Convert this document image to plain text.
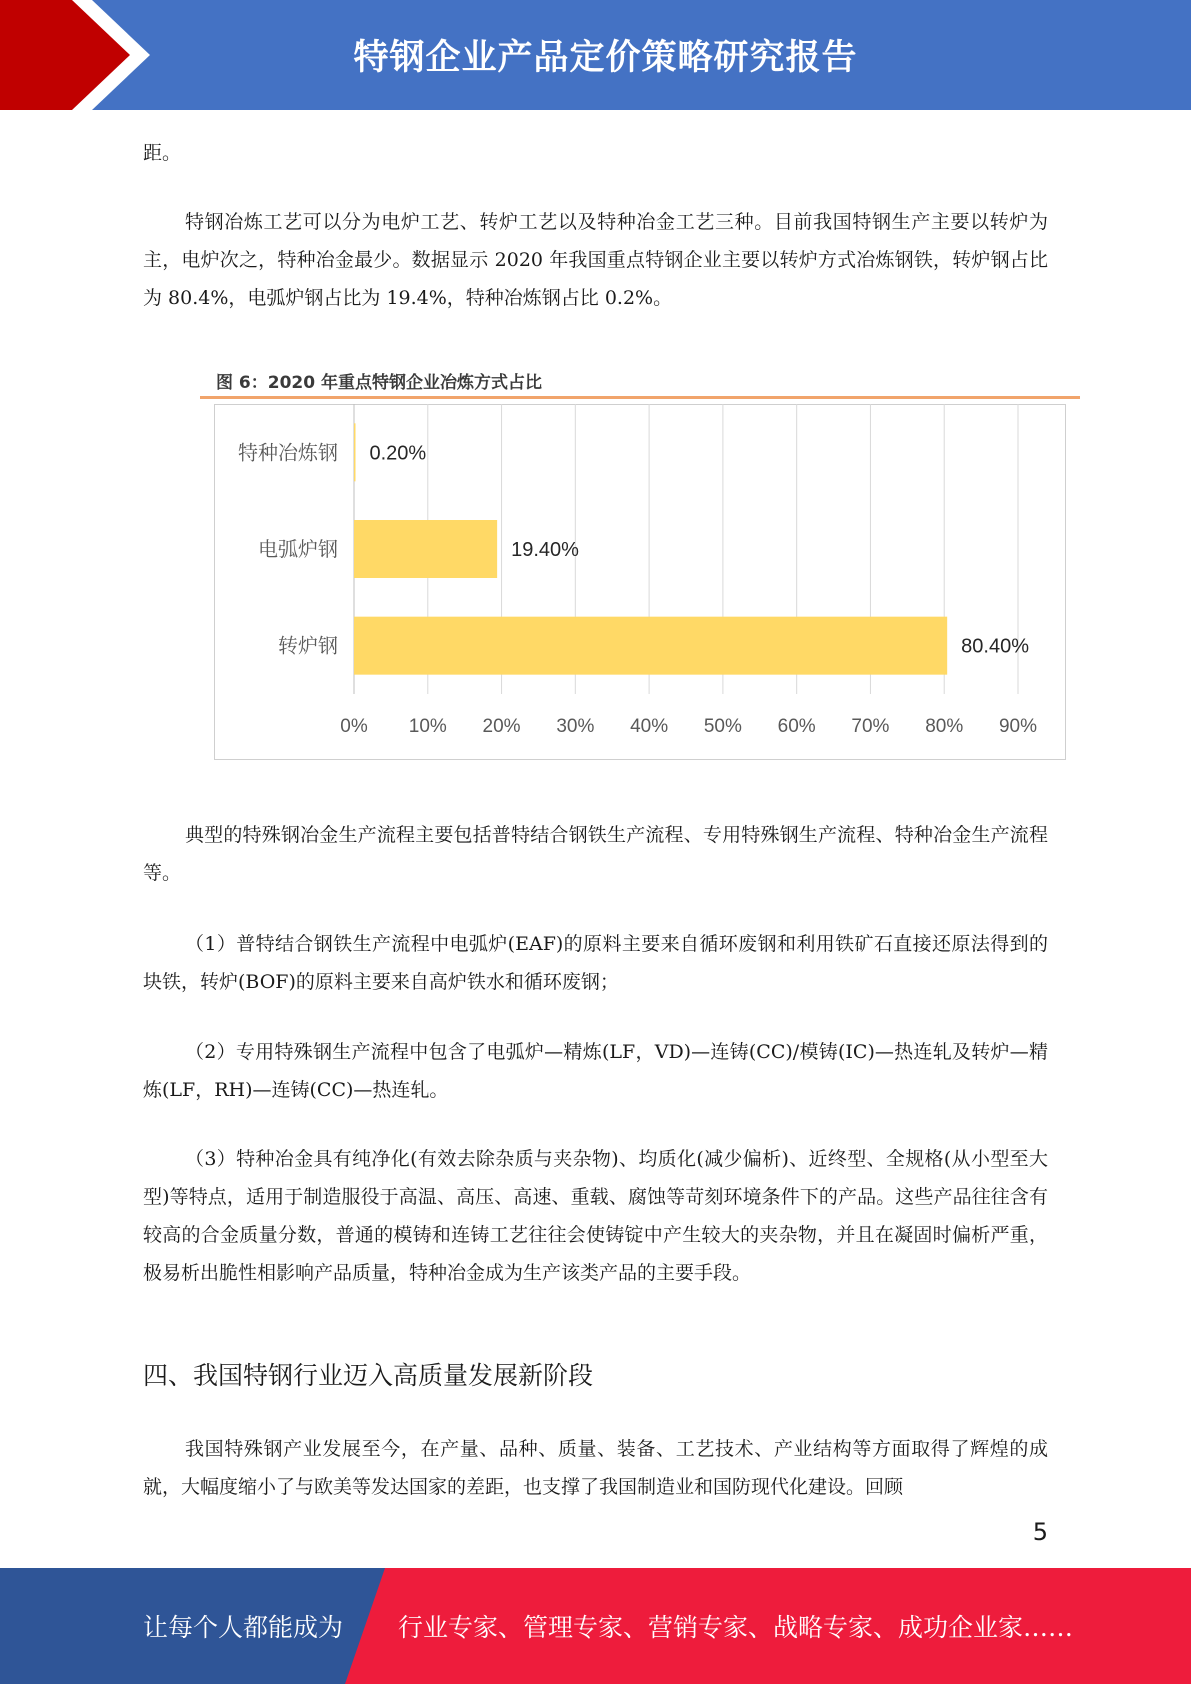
特钢企业产品定价策略研究报告

距。

特钢冶炼工艺可以分为电炉工艺、转炉工艺以及特种冶金工艺三种。目前我国特钢生产主要以转炉为主，电炉次之，特种冶金最少。数据显示 2020 年我国重点特钢企业主要以转炉方式冶炼钢铁，转炉钢占比为 80.4%，电弧炉钢占比为 19.4%，特种冶炼钢占比 0.2%。

图 6：2020 年重点特钢企业冶炼方式占比
0% 10% 20% 30% 40% 50% 60% 70% 80% 90%
特种冶炼钢 0.20%
电弧炉钢	19.40%
转炉钢	80.40%

典型的特殊钢冶金生产流程主要包括普特结合钢铁生产流程、专用特殊钢生产流程、特种冶金生产流程等。

（1）普特结合钢铁生产流程中电弧炉(EAF)的原料主要来自循环废钢和利用铁矿石直接还原法得到的块铁，转炉(BOF)的原料主要来自高炉铁水和循环废钢；

（2）专用特殊钢生产流程中包含了电弧炉—精炼(LF，VD)—连铸(CC)/模铸(IC)—热连轧及转炉—精炼(LF，RH)—连铸(CC)—热连轧。

（3）特种冶金具有纯净化(有效去除杂质与夹杂物)、均质化(减少偏析)、近终型、全规格(从小型至大型)等特点，适用于制造服役于高温、高压、高速、重载、腐蚀等苛刻环境条件下的产品。这些产品往往含有较高的合金质量分数，普通的模铸和连铸工艺往往会使铸锭中产生较大的夹杂物，并且在凝固时偏析严重，极易析出脆性相影响产品质量，特种冶金成为生产该类产品的主要手段。

四、我国特钢行业迈入高质量发展新阶段

我国特殊钢产业发展至今，在产量、品种、质量、装备、工艺技术、产业结构等方面取得了辉煌的成就，大幅度缩小了与欧美等发达国家的差距，也支撑了我国制造业和国防现代化建设。回顾

5
让每个人都能成为 行业专家、管理专家、营销专家、战略专家、成功企业家……
